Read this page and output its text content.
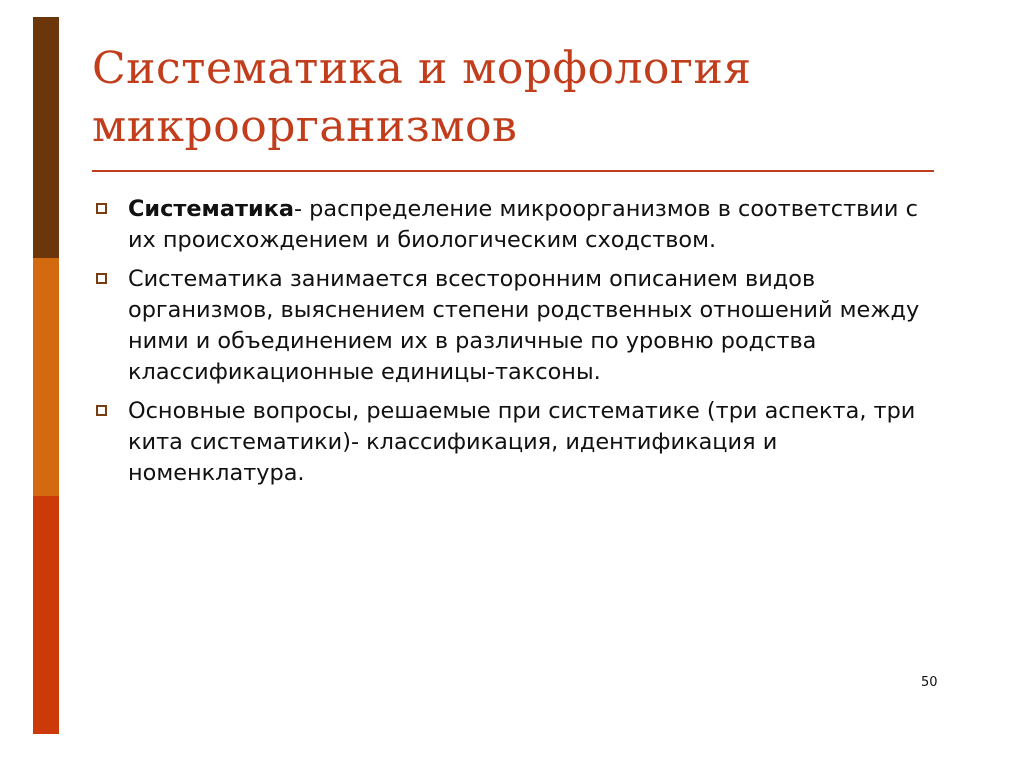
Систематика и морфология микроорганизмов
Систематика- распределение микроорганизмов в соответствии с их происхождением и биологическим сходством.
Систематика занимается всесторонним описанием видов организмов, выяснением степени родственных отношений между ними и объединением их в различные по уровню родства классификационные единицы-таксоны.
Основные вопросы, решаемые при систематике (три аспекта, три кита систематики)- классификация, идентификация и номенклатура.
50
